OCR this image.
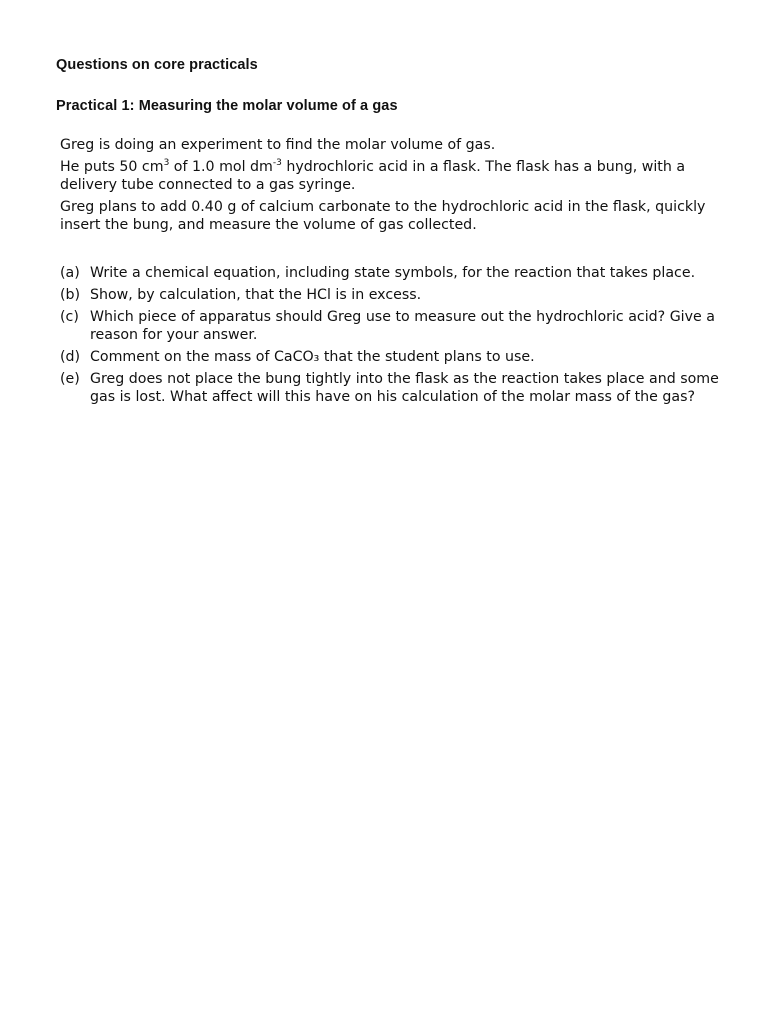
Questions on core practicals
Practical 1: Measuring the molar volume of a gas

Greg is doing an experiment to find the molar volume of gas.

He puts 50 $cm^3$ of 1.0 mol $dm^{-3}$ hydrochloric acid in a flask. The flask has a bung, with a delivery tube connected to a gas syringe.

Greg plans to add 0.40 g of calcium carbonate to the hydrochloric acid in the flask, quickly insert the bung, and measure the volume of gas collected.

(a) Write a chemical equation, including state symbols, for the reaction that takes place.
(b) Show, by calculation, that the HCl is in excess.
(c) Which piece of apparatus should Greg use to measure out the hydrochloric acid? Give a reason for your answer.
(d) Comment on the mass of CaCO₃ that the student plans to use.
(e) Greg does not place the bung tightly into the flask as the reaction takes place and some gas is lost. What affect will this have on his calculation of the molar mass of the gas?
